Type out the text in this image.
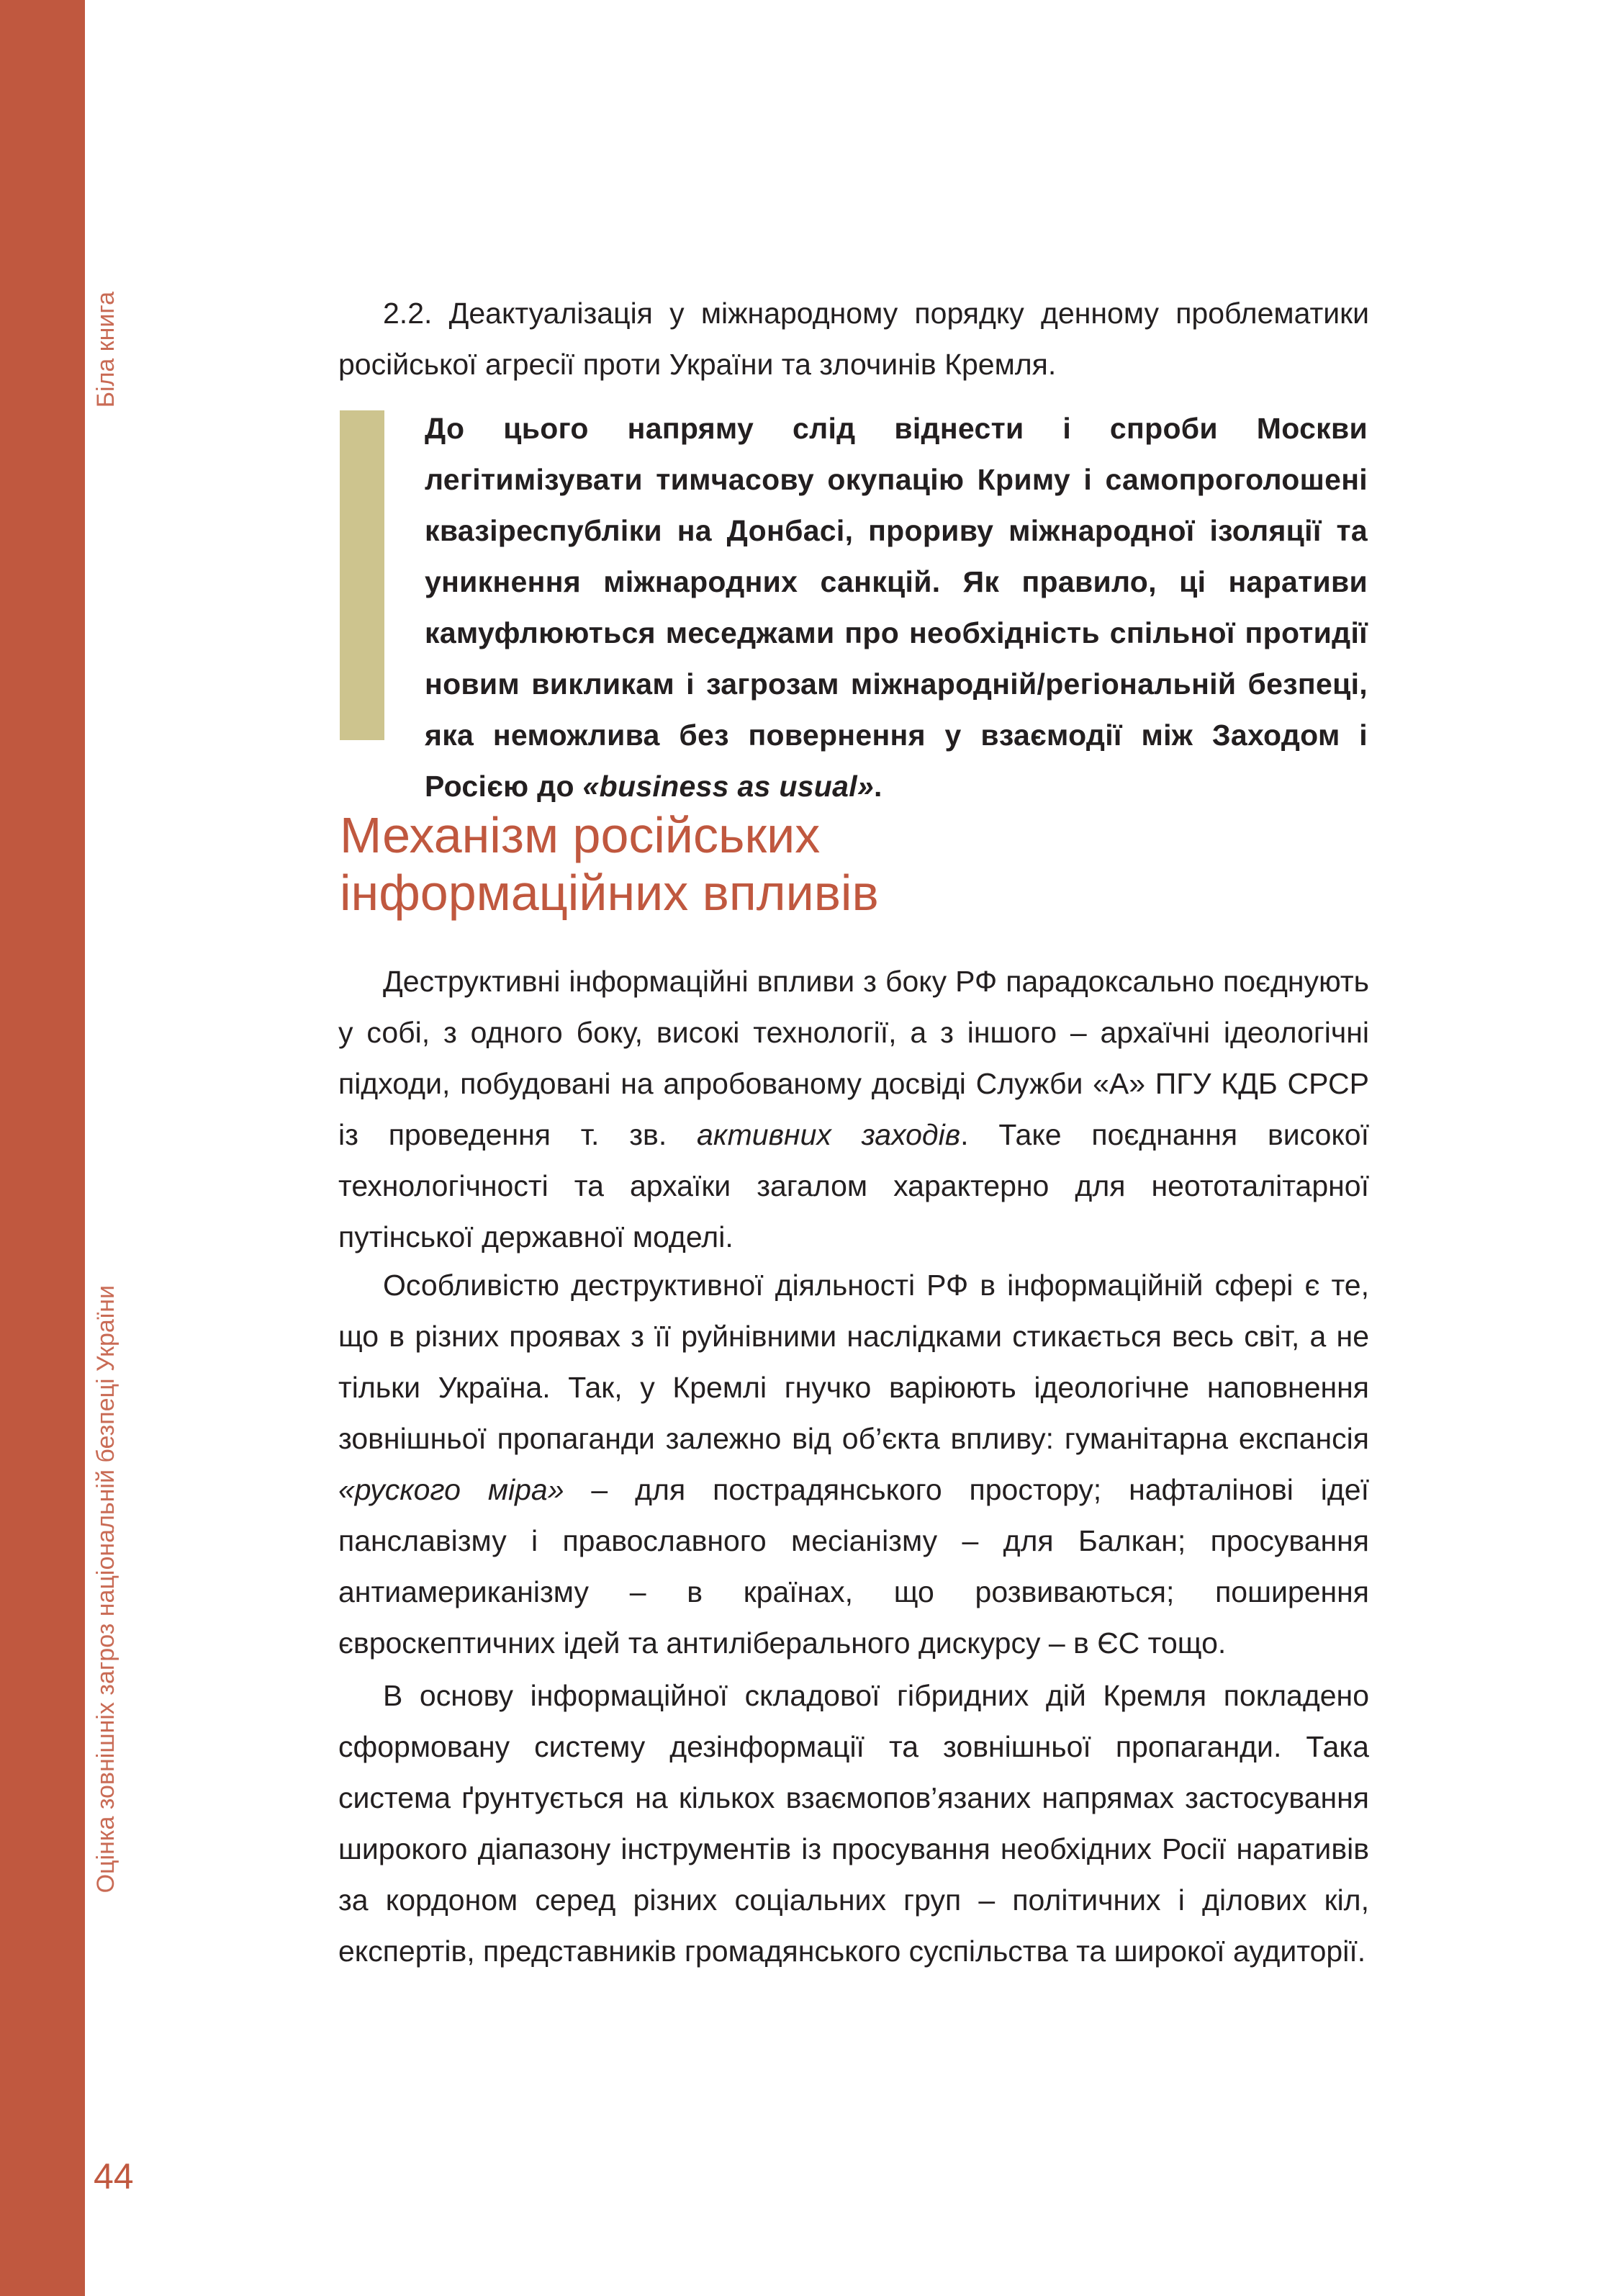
Біла книга
Оцінка зовнішніх загроз національній безпеці України
44

2.2. Деактуалізація у міжнародному порядку денному проблематики російської агресії проти України та злочинів Кремля.

До цього напряму слід віднести і спроби Москви легітимізувати тимчасову окупацію Криму і самопроголошені квазіреспубліки на Донбасі, прориву міжнародної ізоляції та уникнення міжнародних санкцій. Як правило, ці наративи камуфлюються меседжами про необхідність спільної протидії новим викликам і загрозам міжнародній/регіональній безпеці, яка неможлива без повернення у взаємодії між Заходом і Росією до «business as usual».

Механізм російських
інформаційних впливів

Деструктивні інформаційні впливи з боку РФ парадоксально поєднують у собі, з одного боку, високі технології, а з іншого – архаїчні ідеологічні підходи, побудовані на апробованому досвіді Служби «А» ПГУ КДБ СРСР із проведення т. зв. активних заходів. Таке поєднання високої технологічності та архаїки загалом характерно для неототалітарної путінської державної моделі.

Особливістю деструктивної діяльності РФ в інформаційній сфері є те, що в різних проявах з її руйнівними наслідками стикається весь світ, а не тільки Україна. Так, у Кремлі гнучко варіюють ідеологічне наповнення зовнішньої пропаганди залежно від об’єкта впливу: гуманітарна експансія «руского міра» – для пострадянського простору; нафталінові ідеї панславізму і православного месіанізму – для Балкан; просування антиамериканізму – в країнах, що розвиваються; поширення євроскептичних ідей та антиліберального дискурсу – в ЄС тощо.

В основу інформаційної складової гібридних дій Кремля покладено сформовану систему дезінформації та зовнішньої пропаганди. Така система ґрунтується на кількох взаємопов’язаних напрямах застосування широкого діапазону інструментів із просування необхідних Росії наративів за кордоном серед різних соціальних груп – політичних і ділових кіл, експертів, представників громадянського суспільства та широкої аудиторії.
